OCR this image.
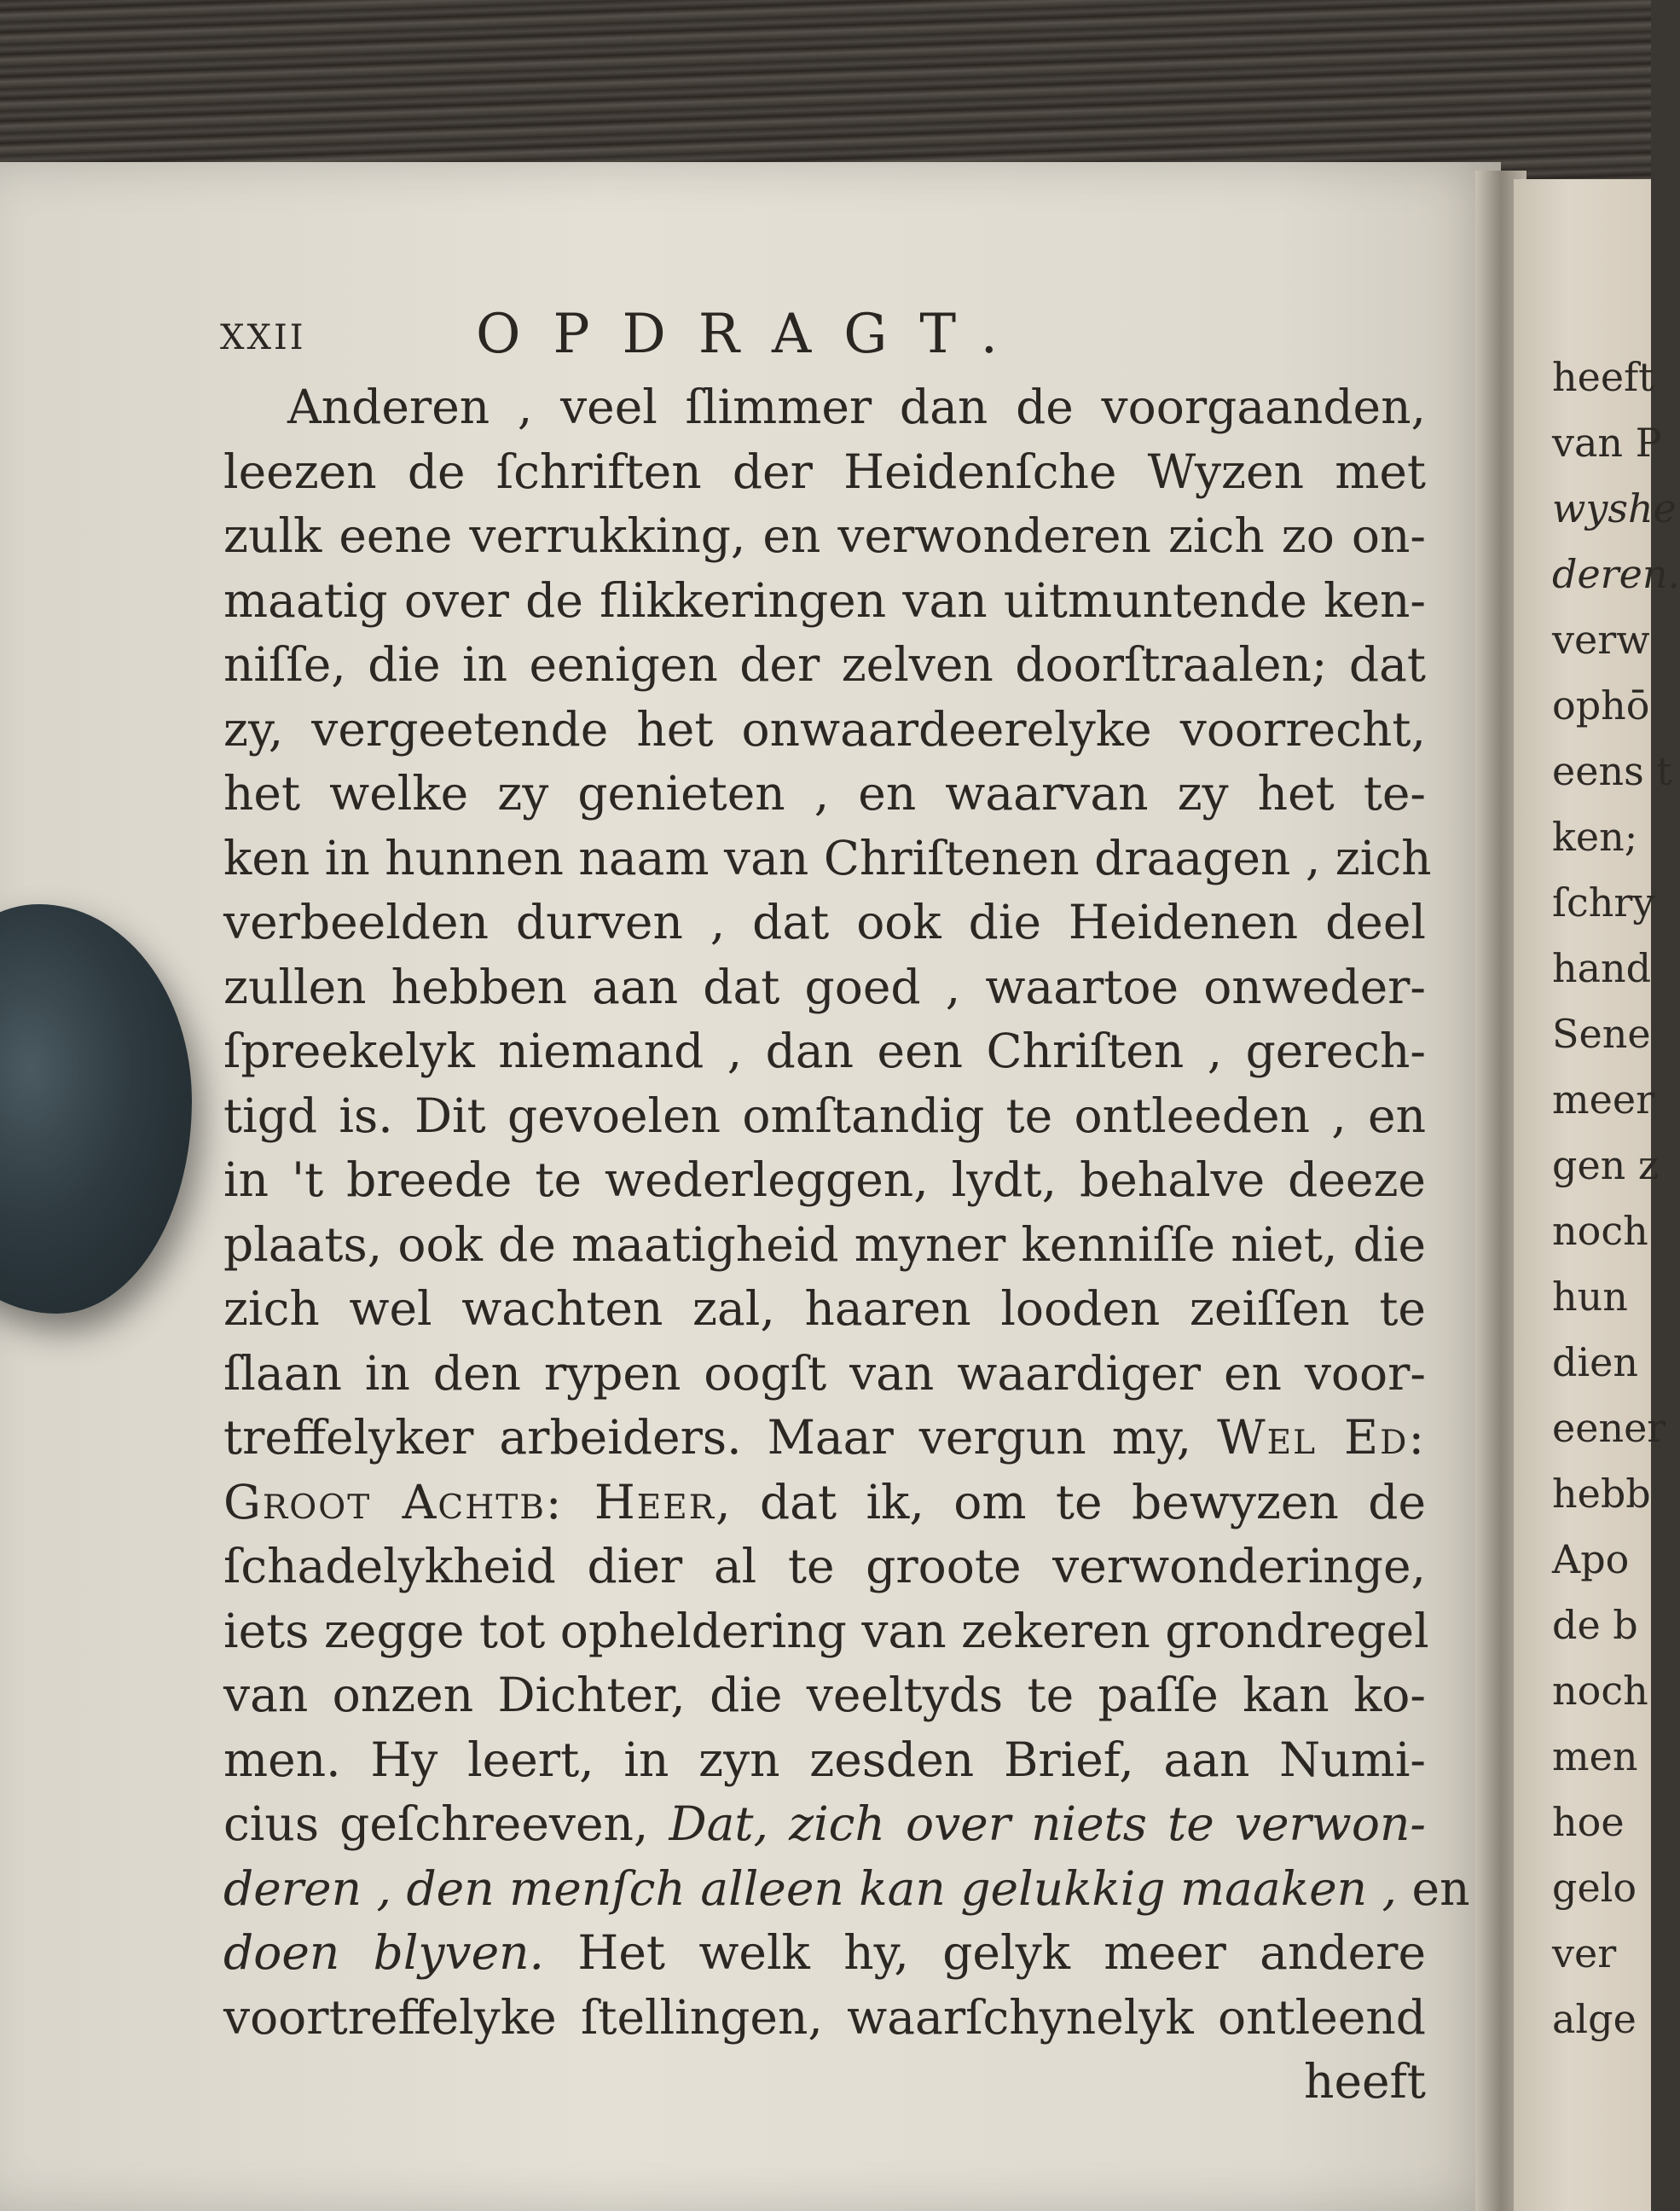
XXII	OPDRAGT.
Anderen , veel ſlimmer dan de voorgaanden,
leezen de ſchriften der Heidenſche Wyzen met
zulk eene verrukking, en verwonderen zich zo on-
maatig over de flikkeringen van uitmuntende ken-
niſſe, die in eenigen der zelven doorſtraalen; dat
zy, vergeetende het onwaardeerelyke voorrecht,
het welke zy genieten , en waarvan zy het te-
ken in hunnen naam van Chriſtenen draagen , zich
verbeelden durven , dat ook die Heidenen deel
zullen hebben aan dat goed , waartoe onweder-
ſpreekelyk niemand , dan een Chriſten , gerech-
tigd is. Dit gevoelen omſtandig te ontleeden , en
in 't breede te wederleggen, lydt, behalve deeze
plaats, ook de maatigheid myner kenniſſe niet, die
zich wel wachten zal, haaren looden zeiſſen te
ſlaan in den rypen oogſt van waardiger en voor-
treffelyker arbeiders. Maar vergun my, Wel Ed:
Groot Achtb: Heer, dat ik, om te bewyzen de
ſchadelykheid dier al te groote verwonderinge,
iets zegge tot opheldering van zekeren grondregel
van onzen Dichter, die veeltyds te paſſe kan ko-
men. Hy leert, in zyn zesden Brief, aan Numi-
cius geſchreeven, Dat, zich over niets te verwon-
deren , den menſch alleen kan gelukkig maaken , en
doen blyven. Het welk hy, gelyk meer andere
voortreffelyke ſtellingen, waarſchynelyk ontleend
heeft
heeft
van P
wyshe
deren.
verw
ophō
eens t
ken;
ſchry
hand
Sene
meer
gen z
noch
hun
dien
eener
hebb
Apo
de b
noch
men
hoe
gelo
ver
alge
